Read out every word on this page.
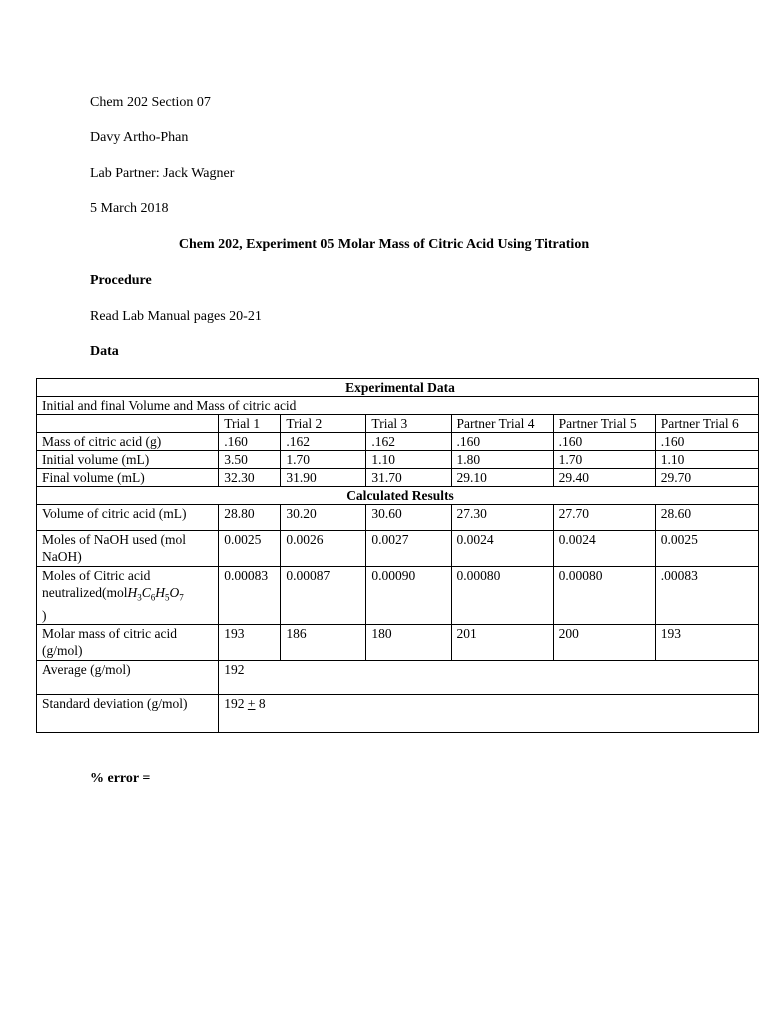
Chem 202 Section 07
Davy Artho-Phan
Lab Partner: Jack Wagner
5 March 2018
Chem 202, Experiment 05 Molar Mass of Citric Acid Using Titration
Procedure
Read Lab Manual pages 20-21
Data
Experimental Data						
Initial and final Volume and Mass of citric acid						
	Trial 1	Trial 2	Trial 3	Partner Trial 4	Partner Trial 5	Partner Trial 6
Mass of citric acid (g)	.160	.162	.162	.160	.160	.160
Initial volume (mL)	3.50	1.70	1.10	1.80	1.70	1.10
Final volume (mL)	32.30	31.90	31.70	29.10	29.40	29.70
Calculated Results						
Volume of citric acid (mL)	28.80	30.20	30.60	27.30	27.70	28.60
Moles of NaOH used (mol NaOH)	0.0025	0.0026	0.0027	0.0024	0.0024	0.0025
Moles of Citric acid $neutralized(molH_3C_6H_5O_7$
)	0.00083	0.00087	0.00090	0.00080	0.00080	.00083
Molar mass of citric acid (g/mol)	193	186	180	201	200	193
Average (g/mol)	192					
Standard deviation (g/mol)	192 + 8					
% error =
